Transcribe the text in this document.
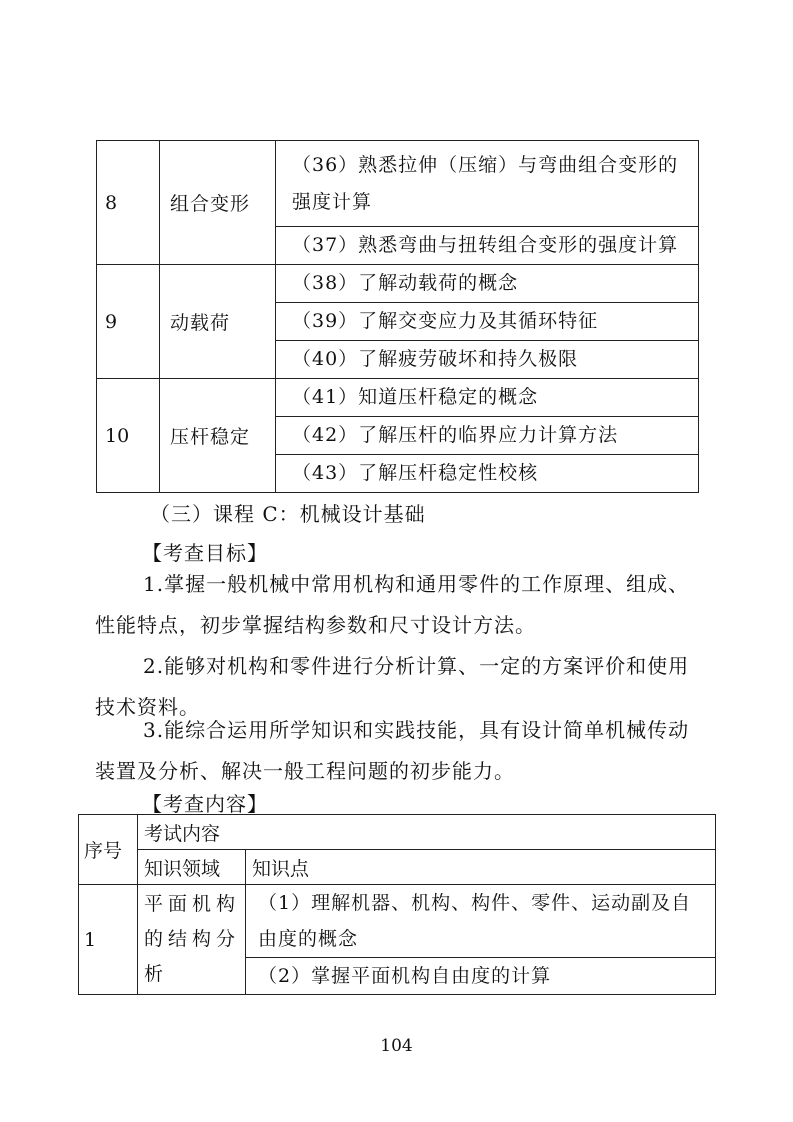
8	组合变形	（36）熟悉拉伸（压缩）与弯曲组合变形的强度计算
		（37）熟悉弯曲与扭转组合变形的强度计算
9	动载荷	（38）了解动载荷的概念
		（39）了解交变应力及其循环特征
		（40）了解疲劳破坏和持久极限
10	压杆稳定	（41）知道压杆稳定的概念
		（42）了解压杆的临界应力计算方法
		（43）了解压杆稳定性校核
（三）课程 C：机械设计基础
【考查目标】
1.掌握一般机械中常用机构和通用零件的工作原理、组成、性能特点，初步掌握结构参数和尺寸设计方法。
2.能够对机构和零件进行分析计算、一定的方案评价和使用技术资料。
3.能综合运用所学知识和实践技能，具有设计简单机械传动装置及分析、解决一般工程问题的初步能力。
【考查内容】
序号	考试内容	
	知识领域	知识点
1	平面机构的结构分析	（1）理解机器、机构、构件、零件、运动副及自由度的概念
		（2）掌握平面机构自由度的计算
104
